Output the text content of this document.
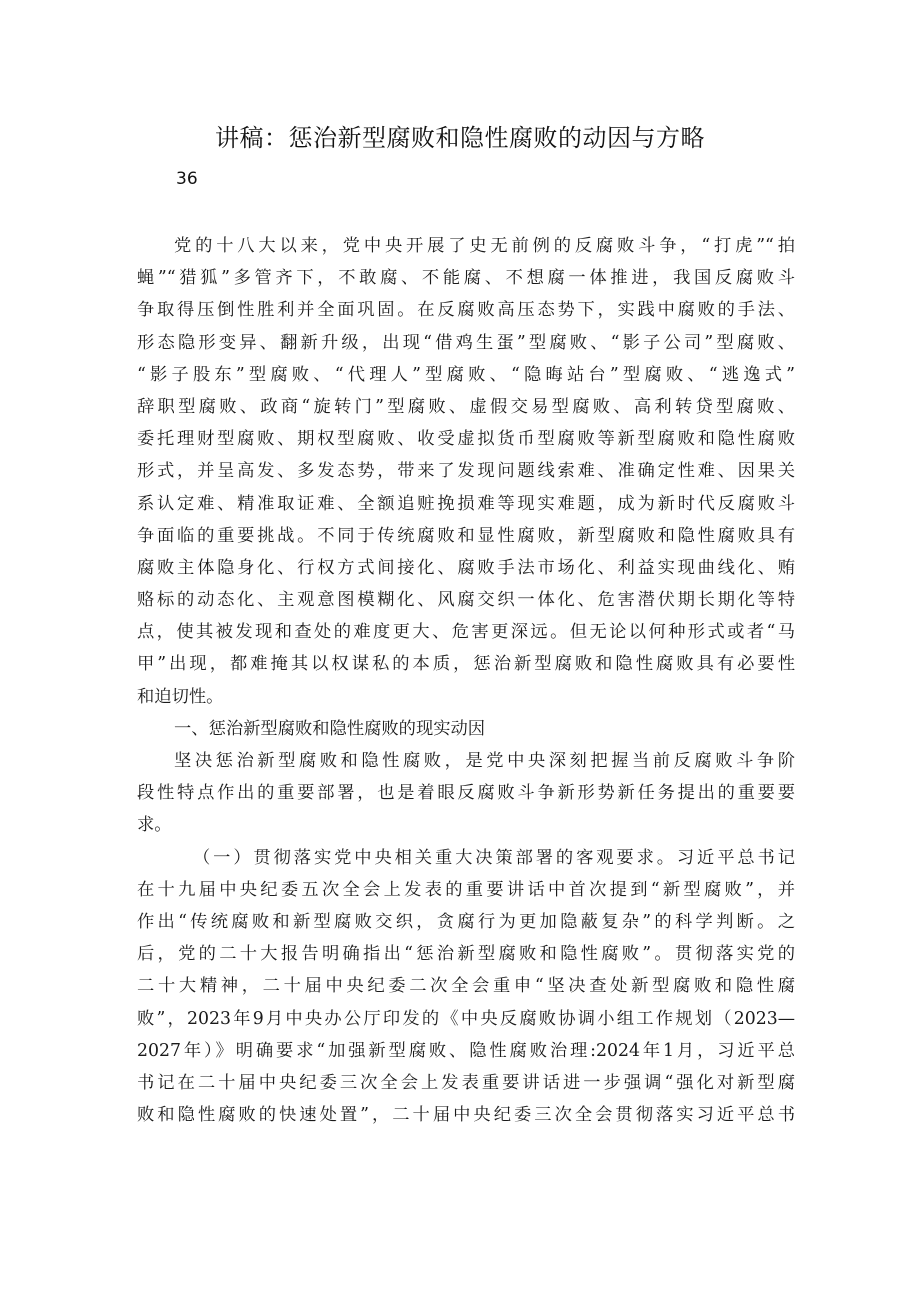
讲稿：惩治新型腐败和隐性腐败的动因与方略
36
党的十八大以来，党中央开展了史无前例的反腐败斗争，“打虎”“拍
蝇”“猎狐”多管齐下，不敢腐、不能腐、不想腐一体推进，我国反腐败斗
争取得压倒性胜利并全面巩固。在反腐败高压态势下，实践中腐败的手法、
形态隐形变异、翻新升级，出现“借鸡生蛋”型腐败、“影子公司”型腐败、
“影子股东”型腐败、“代理人”型腐败、“隐晦站台”型腐败、“逃逸式”
辞职型腐败、政商“旋转门”型腐败、虚假交易型腐败、高利转贷型腐败、
委托理财型腐败、期权型腐败、收受虚拟货币型腐败等新型腐败和隐性腐败
形式，并呈高发、多发态势，带来了发现问题线索难、准确定性难、因果关
系认定难、精准取证难、全额追赃挽损难等现实难题，成为新时代反腐败斗
争面临的重要挑战。不同于传统腐败和显性腐败，新型腐败和隐性腐败具有
腐败主体隐身化、行权方式间接化、腐败手法市场化、利益实现曲线化、贿
赂标的动态化、主观意图模糊化、风腐交织一体化、危害潜伏期长期化等特
点，使其被发现和查处的难度更大、危害更深远。但无论以何种形式或者“马
甲”出现，都难掩其以权谋私的本质，惩治新型腐败和隐性腐败具有必要性
和迫切性。
一、惩治新型腐败和隐性腐败的现实动因
坚决惩治新型腐败和隐性腐败，是党中央深刻把握当前反腐败斗争阶
段性特点作出的重要部署，也是着眼反腐败斗争新形势新任务提出的重要要
求。
（一）贯彻落实党中央相关重大决策部署的客观要求。习近平总书记
在十九届中央纪委五次全会上发表的重要讲话中首次提到“新型腐败”，并
作出“传统腐败和新型腐败交织，贪腐行为更加隐蔽复杂”的科学判断。之
后，党的二十大报告明确指出“惩治新型腐败和隐性腐败”。贯彻落实党的
二十大精神，二十届中央纪委二次全会重申“坚决查处新型腐败和隐性腐
败”，2023年9月中央办公厅印发的《中央反腐败协调小组工作规划（2023—
2027年）》明确要求“加强新型腐败、隐性腐败治理:2024年1月，习近平总
书记在二十届中央纪委三次全会上发表重要讲话进一步强调“强化对新型腐
败和隐性腐败的快速处置”，二十届中央纪委三次全会贯彻落实习近平总书
